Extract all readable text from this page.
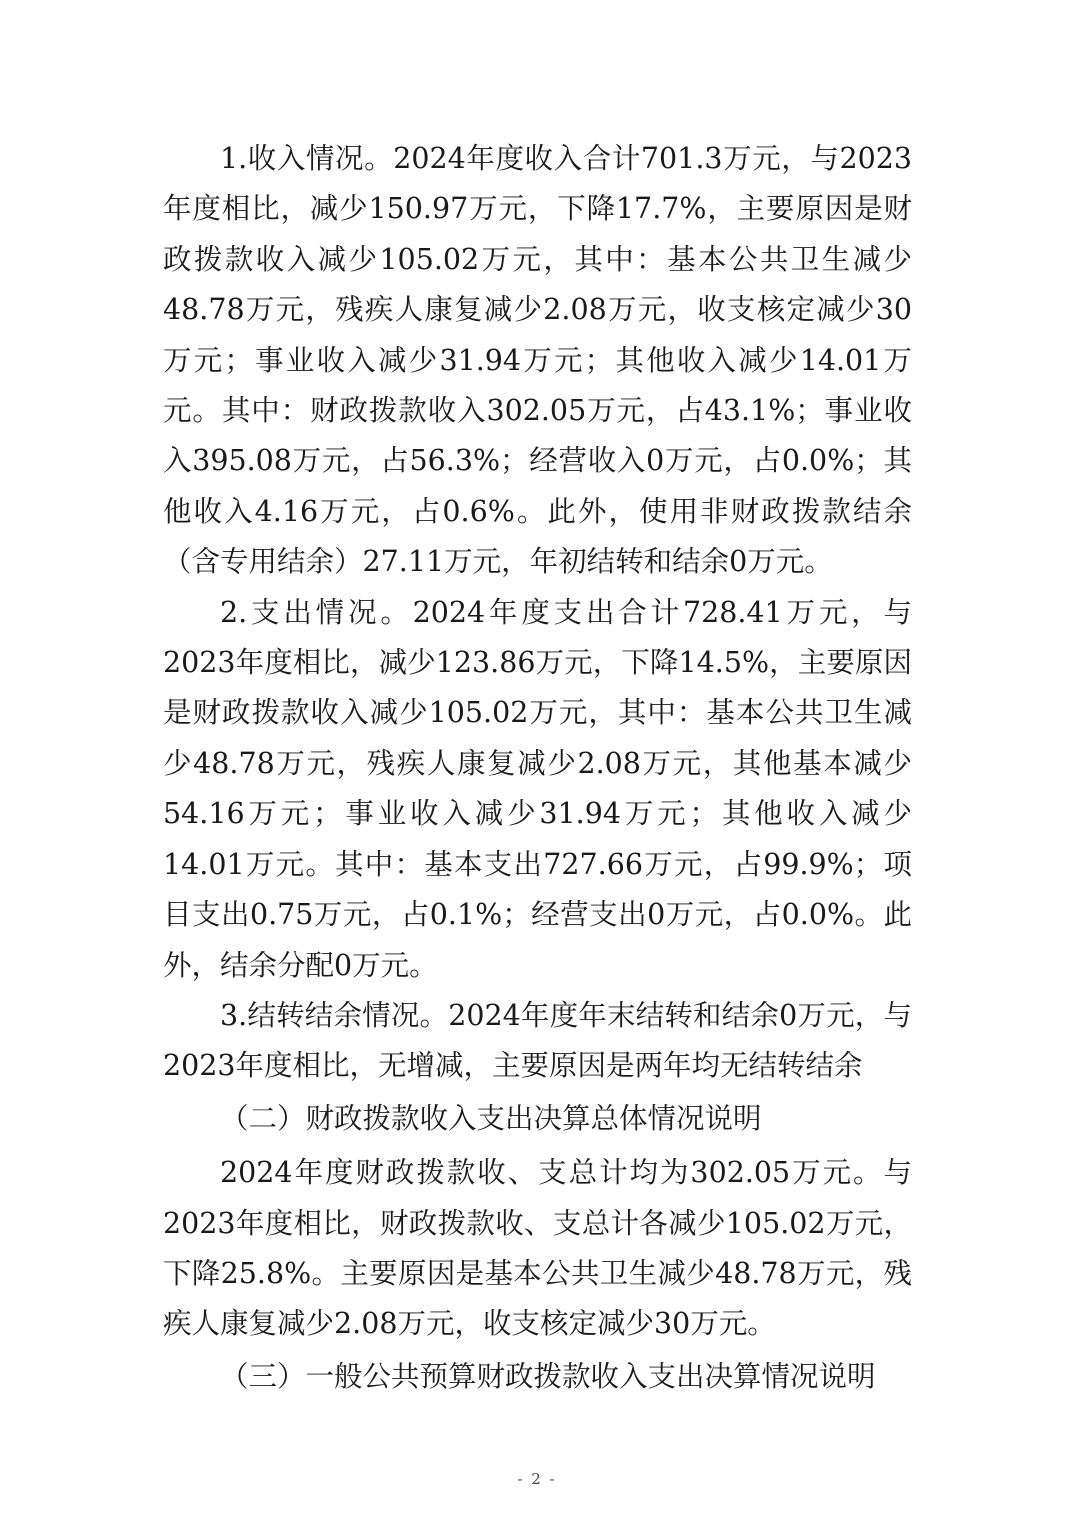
1.收入情况。2024年度收入合计701.3万元，与2023年度相比，减少150.97万元，下降17.7%，主要原因是财政拨款收入减少105.02万元，其中：基本公共卫生减少48.78万元，残疾人康复减少2.08万元，收支核定减少30万元；事业收入减少31.94万元；其他收入减少14.01万元。其中：财政拨款收入302.05万元，占43.1%；事业收入395.08万元，占56.3%；经营收入0万元，占0.0%；其他收入4.16万元，占0.6%。此外，使用非财政拨款结余（含专用结余）27.11万元，年初结转和结余0万元。

2.支出情况。2024年度支出合计728.41万元，与2023年度相比，减少123.86万元，下降14.5%，主要原因是财政拨款收入减少105.02万元，其中：基本公共卫生减少48.78万元，残疾人康复减少2.08万元，其他基本减少54.16万元；事业收入减少31.94万元；其他收入减少14.01万元。其中：基本支出727.66万元，占99.9%；项目支出0.75万元，占0.1%；经营支出0万元，占0.0%。此外，结余分配0万元。

3.结转结余情况。2024年度年末结转和结余0万元，与2023年度相比，无增减，主要原因是两年均无结转结余

（二）财政拨款收入支出决算总体情况说明

2024年度财政拨款收、支总计均为302.05万元。与2023年度相比，财政拨款收、支总计各减少105.02万元，下降25.8%。主要原因是基本公共卫生减少48.78万元，残疾人康复减少2.08万元，收支核定减少30万元。

（三）一般公共预算财政拨款收入支出决算情况说明

- 2 -
